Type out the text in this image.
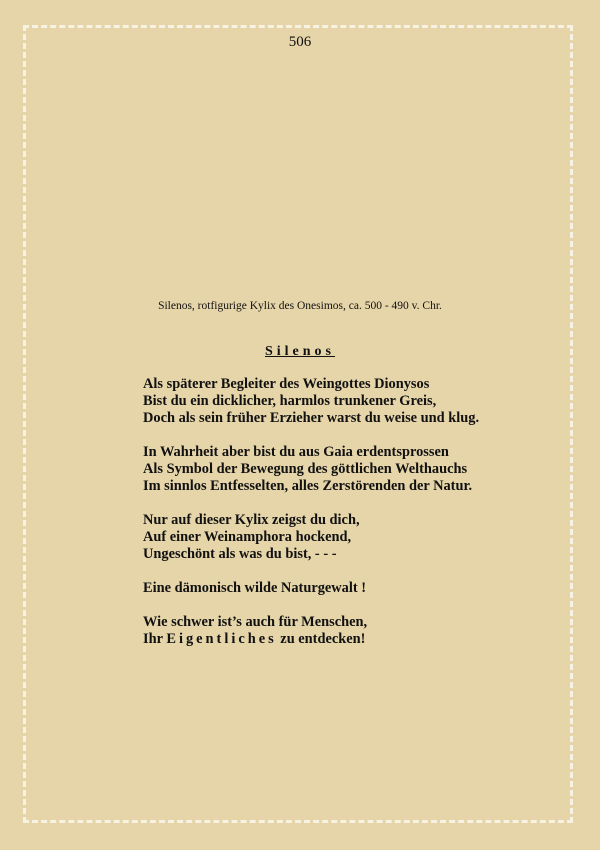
506
Silenos, rotfigurige Kylix des Onesimos, ca. 500 - 490 v. Chr.
Silenos
Als späterer Begleiter des Weingottes Dionysos
Bist du ein dicklicher, harmlos trunkener Greis,
Doch als sein früher Erzieher warst du weise und klug.
In Wahrheit aber bist du aus Gaia erdentsprossen
Als Symbol der Bewegung des göttlichen Welthauchs
Im sinnlos Entfesselten, alles Zerstörenden der Natur.
Nur auf dieser Kylix zeigst du dich,
Auf einer Weinamphora hockend,
Ungeschönt als was du bist, - - -
Eine dämonisch wilde Naturgewalt !
Wie schwer ist’s auch für Menschen,
Ihr Eigentliches zu entdecken!
